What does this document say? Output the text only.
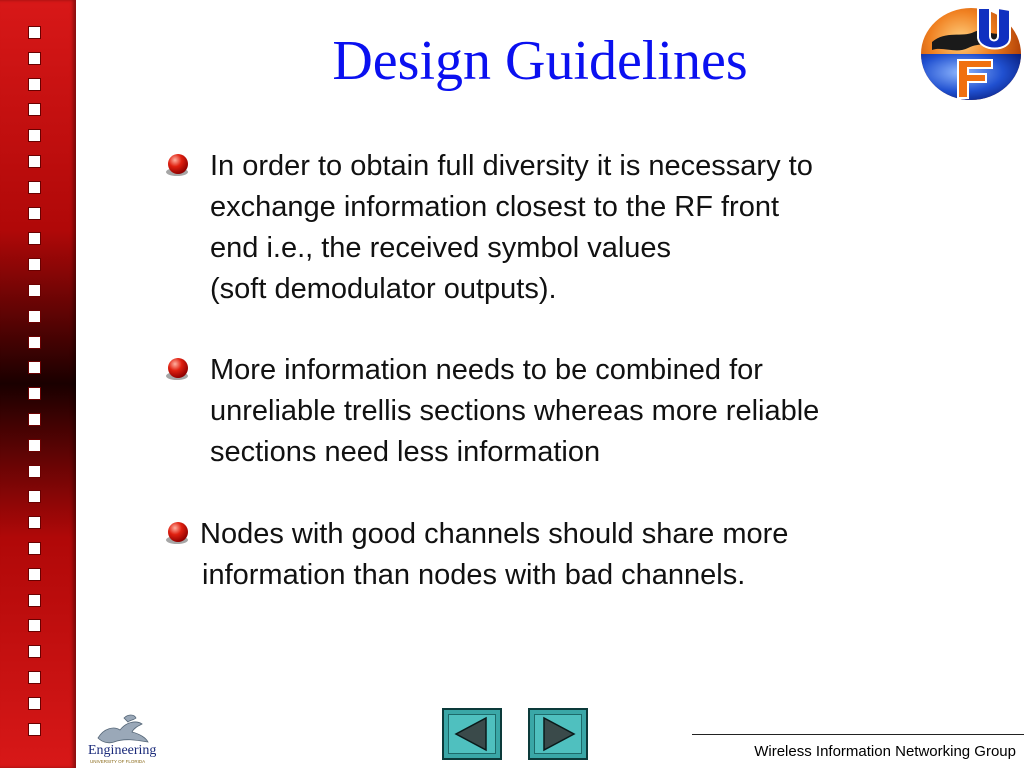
Design Guidelines
In order to obtain full diversity it is necessary to
exchange information closest to the RF front
end i.e., the received symbol values
(soft demodulator outputs).
More information needs to be combined for
unreliable trellis sections whereas more reliable
sections need less information
Nodes with good channels should share more
information than nodes with bad channels.
Engineering
UNIVERSITY OF FLORIDA
Wireless Information Networking Group
